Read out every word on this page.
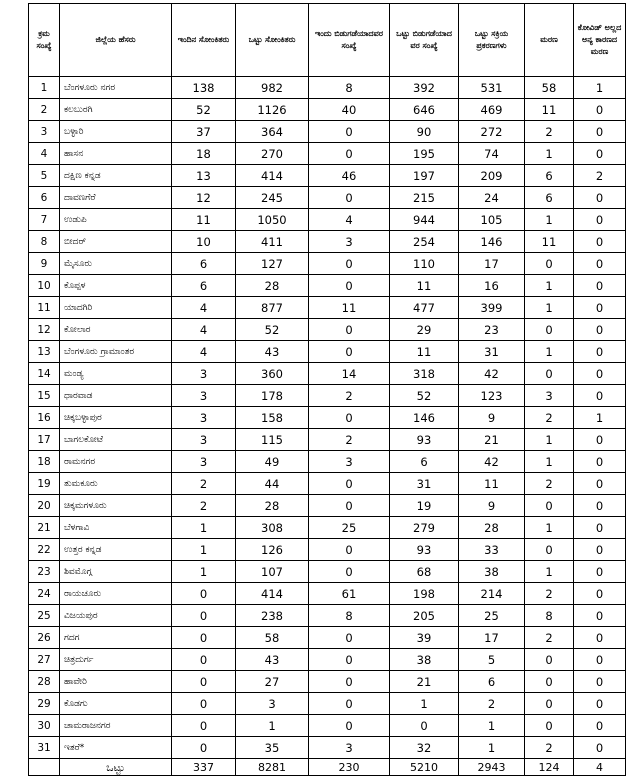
ಕ್ರಮ ಸಂಖ್ಯೆ	ಜಿಲ್ಲೆಯ ಹೆಸರು	ಇಂದಿನ ಸೋಂಕಿತರು	ಒಟ್ಟು ಸೋಂಕಿತರು	ಇಂದು ಬಿಡುಗಡೆಯಾದವರ ಸಂಖ್ಯೆ	ಒಟ್ಟು ಬಿಡುಗಡೆಯಾದ ವರ ಸಂಖ್ಯೆ	ಒಟ್ಟು ಸಕ್ರಿಯ ಪ್ರಕರಣಗಳು	ಮರಣ	ಕೋವಿಡ್ ಅಲ್ಲದ ಅನ್ಯ ಕಾರಣದ ಮರಣ

1	ಬೆಂಗಳೂರು ನಗರ	138	982	8	392	531	58	1
2	ಕಲಬುರಗಿ	52	1126	40	646	469	11	0
3	ಬಳ್ಳಾರಿ	37	364	0	90	272	2	0
4	ಹಾಸನ	18	270	0	195	74	1	0
5	ದಕ್ಷಿಣ ಕನ್ನಡ	13	414	46	197	209	6	2
6	ದಾವಣಗೆರೆ	12	245	0	215	24	6	0
7	ಉಡುಪಿ	11	1050	4	944	105	1	0
8	ಬೀದರ್	10	411	3	254	146	11	0
9	ಮೈಸೂರು	6	127	0	110	17	0	0
10	ಕೊಪ್ಪಳ	6	28	0	11	16	1	0
11	ಯಾದಗಿರಿ	4	877	11	477	399	1	0
12	ಕೋಲಾರ	4	52	0	29	23	0	0
13	ಬೆಂಗಳೂರು ಗ್ರಾಮಾಂತರ	4	43	0	11	31	1	0
14	ಮಂಡ್ಯ	3	360	14	318	42	0	0
15	ಧಾರವಾಡ	3	178	2	52	123	3	0
16	ಚಿಕ್ಕಬಳ್ಳಾಪುರ	3	158	0	146	9	2	1
17	ಬಾಗಲಕೋಟೆ	3	115	2	93	21	1	0
18	ರಾಮನಗರ	3	49	3	6	42	1	0
19	ತುಮಕೂರು	2	44	0	31	11	2	0
20	ಚಿಕ್ಕಮಗಳೂರು	2	28	0	19	9	0	0
21	ಬೆಳಗಾವಿ	1	308	25	279	28	1	0
22	ಉತ್ತರ ಕನ್ನಡ	1	126	0	93	33	0	0
23	ಶಿವಮೊಗ್ಗ	1	107	0	68	38	1	0
24	ರಾಯಚೂರು	0	414	61	198	214	2	0
25	ವಿಜಯಪುರ	0	238	8	205	25	8	0
26	ಗದಗ	0	58	0	39	17	2	0
27	ಚಿತ್ರದುರ್ಗ	0	43	0	38	5	0	0
28	ಹಾವೇರಿ	0	27	0	21	6	0	0
29	ಕೊಡಗು	0	3	0	1	2	0	0
30	ಚಾಮರಾಜನಗರ	0	1	0	0	1	0	0
31	ಇತರೆ*	0	35	3	32	1	2	0

	ಒಟ್ಟು	337	8281	230	5210	2943	124	4
